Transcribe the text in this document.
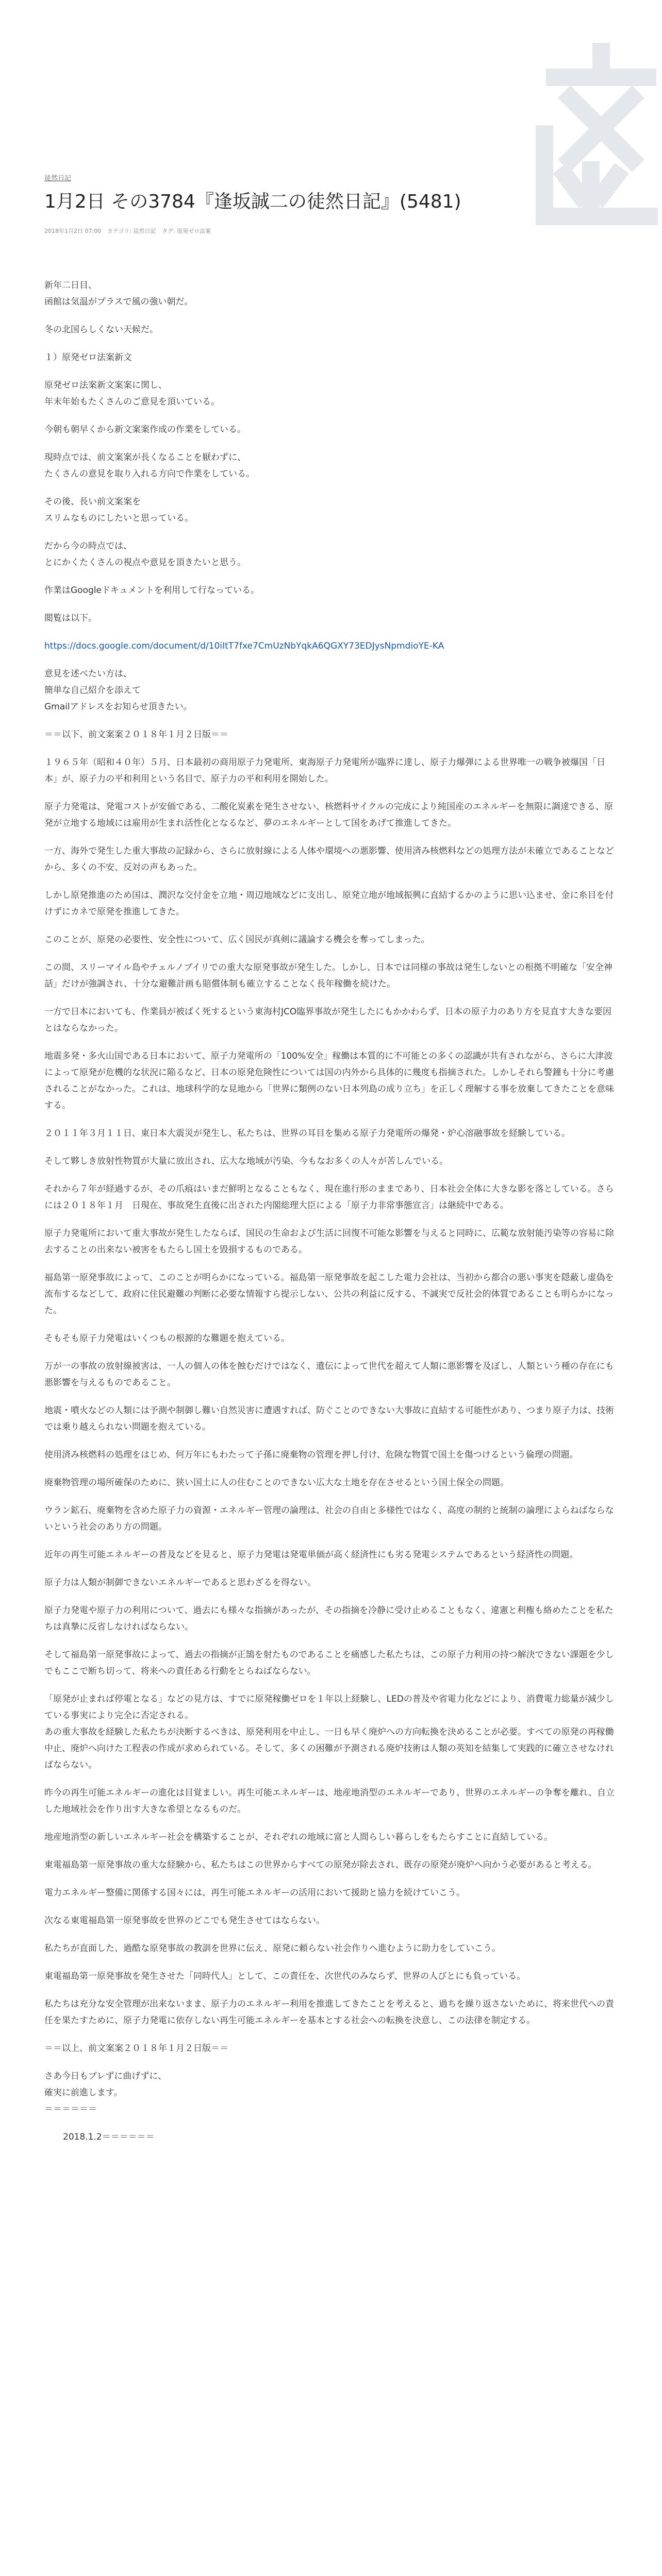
徒然日記
1月2日 その3784『逢坂誠二の徒然日記』(5481)
2018年1月2日 07:00 カテゴリ: 徒然日記 タグ: 原発ゼロ法案

新年二日目、
函館は気温がプラスで風の強い朝だ。

冬の北国らしくない天候だ。

１）原発ゼロ法案新文

原発ゼロ法案新文案案に関し、
年末年始もたくさんのご意見を頂いている。

今朝も朝早くから新文案案作成の作業をしている。

現時点では、前文案案が長くなることを厭わずに、
たくさんの意見を取り入れる方向で作業をしている。

その後、長い前文案案を
スリムなものにしたいと思っている。

だから今の時点では、
とにかくたくさんの視点や意見を頂きたいと思う。

作業はGoogleドキュメントを利用して行なっている。

閲覧は以下。

https://docs.google.com/document/d/10iItT7fxe7CmUzNbYqkA6QGXY73EDJysNpmdioYE-KA

意見を述べたい方は、
簡単な自己紹介を添えて
Gmailアドレスをお知らせ頂きたい。

＝＝以下、前文案案２０１８年１月２日版＝＝

１９６５年（昭和４０年）５月、日本最初の商用原子力発電所、東海原子力発電所が臨界に達し、原子力爆弾による世界唯一の戦争被爆国「日本」が、原子力の平和利用という名目で、原子力の平和利用を開始した。

原子力発電は、発電コストが安価である、二酸化炭素を発生させない、核燃料サイクルの完成により純国産のエネルギーを無限に調達できる、原発が立地する地域には雇用が生まれ活性化となるなど、夢のエネルギーとして国をあげて推進してきた。

一方、海外で発生した重大事故の記録から、さらに放射線による人体や環境への悪影響、使用済み核燃料などの処理方法が未確立であることなどから、多くの不安、反対の声もあった。

しかし原発推進のため国は、潤沢な交付金を立地・周辺地域などに支出し、原発立地が地域振興に直結するかのように思い込ませ、金に糸目を付けずにカネで原発を推進してきた。

このことが、原発の必要性、安全性について、広く国民が真剣に議論する機会を奪ってしまった。

この間、スリーマイル島やチェルノブイリでの重大な原発事故が発生した。しかし、日本では同様の事故は発生しないとの根拠不明確な「安全神話」だけが強調され、十分な避難計画も賠償体制も確立することなく長年稼働を続けた。

一方で日本においても、作業員が被ばく死するという東海村JCO臨界事故が発生したにもかかわらず、日本の原子力のあり方を見直す大きな要因とはならなかった。

地震多発・多火山国である日本において、原子力発電所の「100%安全」稼働は本質的に不可能との多くの認識が共有されながら、さらに大津波によって原発が危機的な状況に陥るなど、日本の原発危険性については国の内外から具体的に幾度も指摘された。しかしそれら警鐘も十分に考慮されることがなかった。これは、地球科学的な見地から「世界に類例のない日本列島の成り立ち」を正しく理解する事を放棄してきたことを意味する。

２０１１年３月１１日、東日本大震災が発生し、私たちは、世界の耳目を集める原子力発電所の爆発・炉心溶融事故を経験している。

そして夥しき放射性物質が大量に放出され、広大な地域が汚染、今もなお多くの人々が苦しんでいる。

それから７年が経過するが、その爪痕はいまだ鮮明となることもなく、現在進行形のままであり、日本社会全体に大きな影を落としている。さらには２０１８年１月　日現在、事故発生直後に出された内閣総理大臣による「原子力非常事態宣言」は継続中である。

原子力発電所において重大事故が発生したならば、国民の生命および生活に回復不可能な影響を与えると同時に、広範な放射能汚染等の容易に除去することの出来ない被害をもたらし国土を毀損するものである。

福島第一原発事故によって、このことが明らかになっている。福島第一原発事故を起こした電力会社は、当初から都合の悪い事実を隠蔽し虚偽を流布するなどして、政府に住民避難の判断に必要な情報すら提示しない、公共の利益に反する、不誠実で反社会的体質であることも明らかになった。

そもそも原子力発電はいくつもの根源的な難題を抱えている。

万が一の事故の放射線被害は、一人の個人の体を蝕むだけではなく、遺伝によって世代を超えて人類に悪影響を及ぼし、人類という種の存在にも悪影響を与えるものであること。

地震・噴火などの人類には予測や制御し難い自然災害に遭遇すれば、防ぐことのできない大事故に直結する可能性があり、つまり原子力は、技術では乗り越えられない問題を抱えている。

使用済み核燃料の処理をはじめ、何万年にもわたって子孫に廃棄物の管理を押し付け、危険な物質で国土を傷つけるという倫理の問題。

廃棄物管理の場所確保のために、狭い国土に人の住むことのできない広大な土地を存在させるという国土保全の問題。

ウラン鉱石、廃棄物を含めた原子力の資源・エネルギー管理の論理は、社会の自由と多様性ではなく、高度の制約と統制の論理によらねばならないという社会のあり方の問題。

近年の再生可能エネルギーの普及などを見ると、原子力発電は発電単価が高く経済性にも劣る発電システムであるという経済性の問題。

原子力は人類が制御できないエネルギーであると思わざるを得ない。

原子力発電や原子力の利用について、過去にも様々な指摘があったが、その指摘を冷静に受け止めることもなく、違憲と利権も絡めたことを私たちは真摯に反省しなければならない。

そして福島第一原発事故によって、過去の指摘が正鵠を射たものであることを痛感した私たちは、この原子力利用の持つ解決できない課題を少しでもここで断ち切って、将来への責任ある行動をとらねばならない。

「原発が止まれば停電となる」などの見方は、すでに原発稼働ゼロを１年以上経験し、LEDの普及や省電力化などにより、消費電力総量が減少している事実により完全に否定される。
あの重大事故を経験した私たちが決断するべきは、原発利用を中止し、一日も早く廃炉への方向転換を決めることが必要。すべての原発の再稼働中止、廃炉へ向けた工程表の作成が求められている。そして、多くの困難が予測される廃炉技術は人類の英知を結集して実践的に確立させなければならない。

昨今の再生可能エネルギーの進化は目覚ましい。再生可能エネルギーは、地産地消型のエネルギーであり、世界のエネルギーの争奪を離れ、自立した地域社会を作り出す大きな希望となるものだ。

地産地消型の新しいエネルギー社会を構築することが、それぞれの地域に富と人間らしい暮らしをもたらすことに直結している。

東電福島第一原発事故の重大な経験から、私たちはこの世界からすべての原発が除去され、既存の原発が廃炉へ向かう必要があると考える。

電力エネルギー整備に関係する国々には、再生可能エネルギーの活用において援助と協力を続けていこう。

次なる東電福島第一原発事故を世界のどこでも発生させてはならない。

私たちが直面した、過酷な原発事故の教訓を世界に伝え、原発に頼らない社会作りへ進むように助力をしていこう。

東電福島第一原発事故を発生させた「同時代人」として、この責任を、次世代のみならず、世界の人びとにも負っている。

私たちは充分な安全管理が出来ないまま、原子力のエネルギー利用を推進してきたことを考えると、過ちを繰り返さないために、将来世代への責任を果たすために、原子力発電に依存しない再生可能エネルギーを基本とする社会への転換を決意し、この法律を制定する。

＝＝以上、前文案案２０１８年１月２日版＝＝

さあ今日もブレずに曲げずに、
確実に前進します。
＝＝＝＝＝＝

2018.1.2＝＝＝＝＝＝
